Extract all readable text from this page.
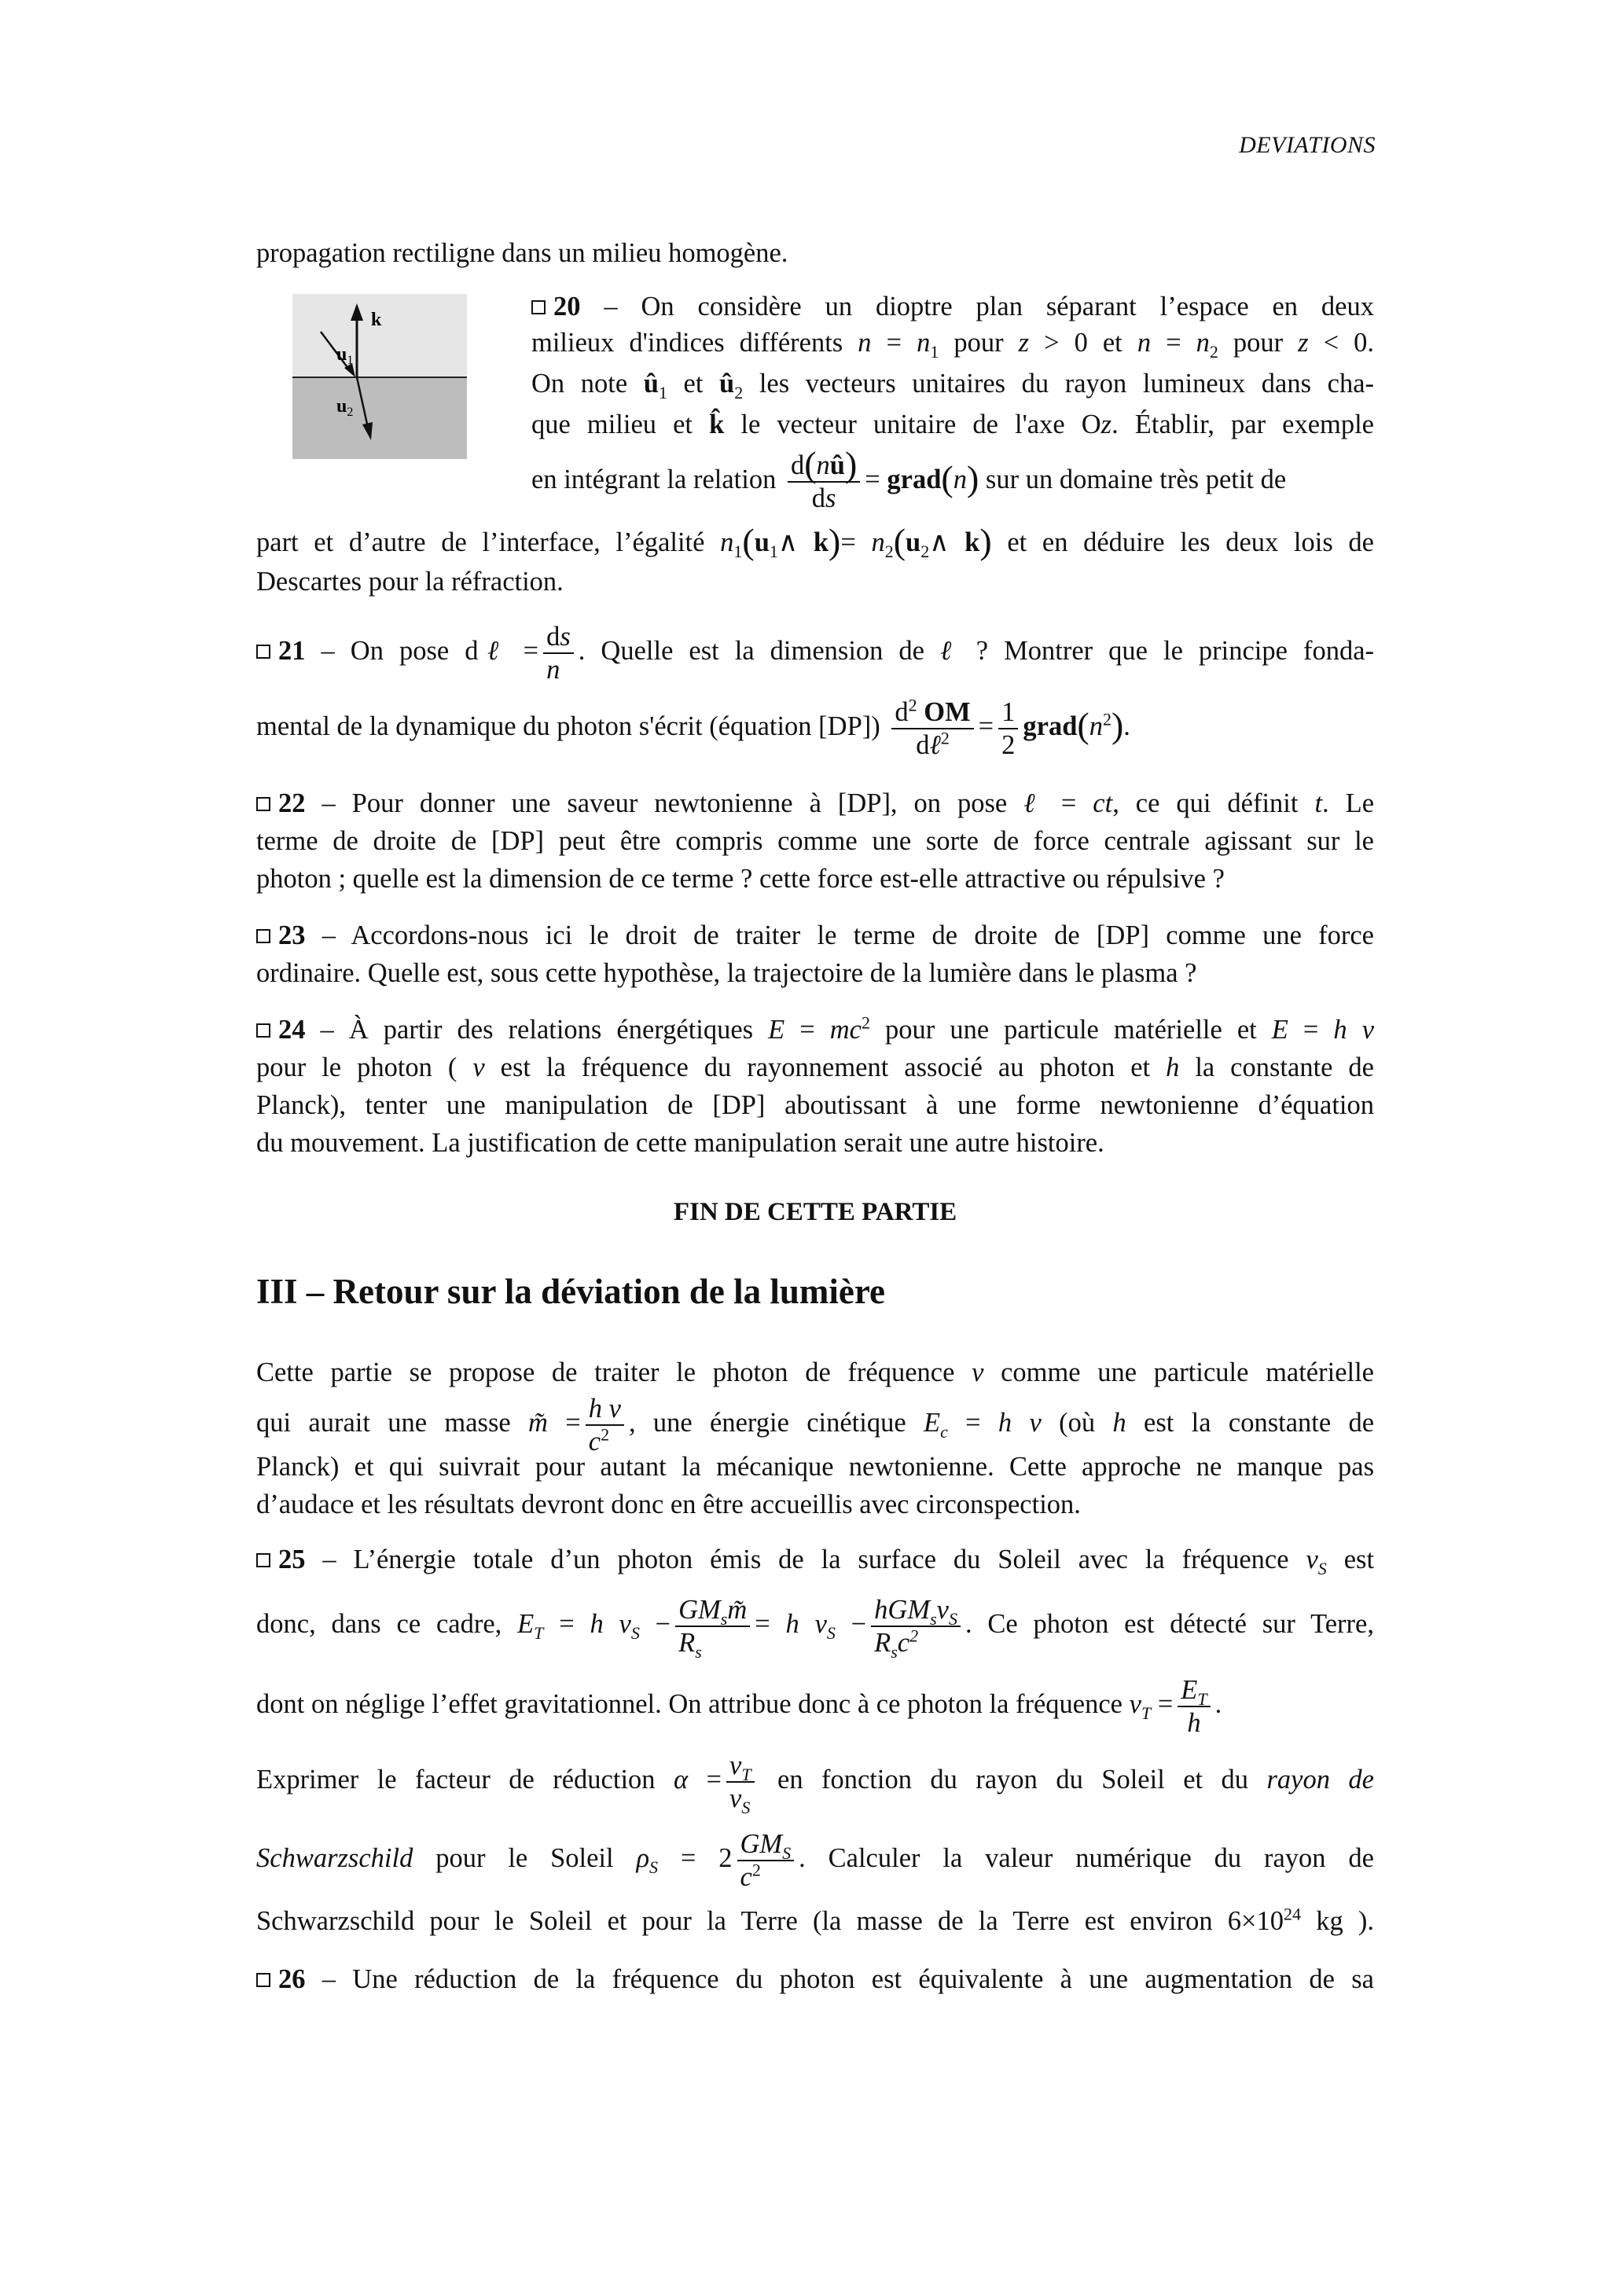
DEVIATIONS
propagation rectiligne dans un milieu homogène.
k
$u_1$
$u_2$
20 – On considère un dioptre plan séparant l’espace en deux
milieux d'indices différents $n = n_1$ pour z > 0 et $n = n_2$ pour z < 0.
On note $û_1$ et $û_2$ les vecteurs unitaires du rayon lumineux dans cha-
que milieu et k̂ le vecteur unitaire de l'axe Oz. Établir, par exemple
en intégrant la relation $\frac{d(nû)}{ds}$ = grad(n) sur un domaine très petit de
part et d’autre de l’interface, l’égalité $n_1(u_1\wedge$ $k)= n_2(u_2\wedge$ k) et en déduire les deux lois de
Descartes pour la réfraction.
21 – On pose dℓ = $\frac{ds}{n}$ . Quelle est la dimension de ℓ ? Montrer que le principe fonda-
mental de la dynamique du photon s'écrit (équation $[DP]) \frac{d^2 OM}{d\ell^2} = \frac{1}{2}$ $grad(n^2)$.
22 – Pour donner une saveur newtonienne à [DP], on pose ℓ = ct, ce qui définit t. Le
terme de droite de [DP] peut être compris comme une sorte de force centrale agissant sur le
photon ; quelle est la dimension de ce terme ? cette force est-elle attractive ou répulsive ?
23 – Accordons-nous ici le droit de traiter le terme de droite de [DP] comme une force
ordinaire. Quelle est, sous cette hypothèse, la trajectoire de la lumière dans le plasma ?
24 – À partir des relations énergétiques $E = mc^2$ pour une particule matérielle et E = h ν
pour le photon ( ν est la fréquence du rayonnement associé au photon et h la constante de
Planck), tenter une manipulation de [DP] aboutissant à une forme newtonienne d’équation
du mouvement. La justification de cette manipulation serait une autre histoire.
FIN DE CETTE PARTIE
III – Retour sur la déviation de la lumière
Cette partie se propose de traiter le photon de fréquence ν comme une particule matérielle
qui aurait une masse m̃ = $\frac{\text{h ν}}{c^2}$ , une énergie cinétique $E_c = h$ ν (où h est la constante de
Planck) et qui suivrait pour autant la mécanique newtonienne. Cette approche ne manque pas
d’audace et les résultats devront donc en être accueillis avec circonspection.
25 – L’énergie totale d’un photon émis de la surface du Soleil avec la fréquence $\nu_S$ est
donc, dans ce cadre, $E_T = h$ $\nu_S - \frac{GM_sm̃}{R_s} = h$ $\nu_S - \frac{hGM_s\nu_S}{R_sc^2}$ . Ce photon est détecté sur Terre,
dont on néglige l’effet gravitationnel. On attribue donc à ce photon la fréquence $\nu_T = \frac{E_T}{h}$ .
Exprimer le facteur de réduction $\alpha = \frac{\nu_T}{\nu_S}$ en fonction du rayon du Soleil et du rayon de
Schwarzschild pour le Soleil $\rho_S = 2 \frac{GM_S}{c^2}$ . Calculer la valeur numérique du rayon de
Schwarzschild pour le Soleil et pour la Terre (la masse de la Terre est environ $6\times 10^{24}$ kg ).
26 – Une réduction de la fréquence du photon est équivalente à une augmentation de sa
